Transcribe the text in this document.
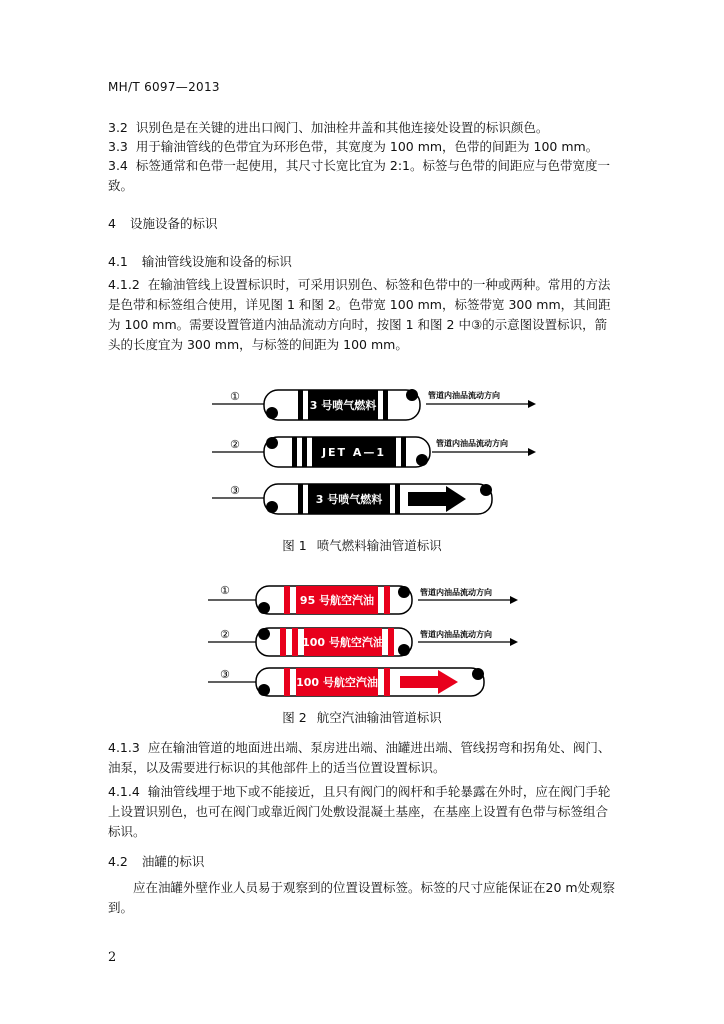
MH/T 6097—2013
3.2 识别色是在关键的进出口阀门、加油栓井盖和其他连接处设置的标识颜色。
3.3 用于输油管线的色带宜为环形色带，其宽度为 100 mm，色带的间距为 100 mm。
3.4 标签通常和色带一起使用，其尺寸长宽比宜为 2:1。标签与色带的间距应与色带宽度一致。
4 设施设备的标识
4.1 输油管线设施和设备的标识
4.1.2 在输油管线上设置标识时，可采用识别色、标签和色带中的一种或两种。常用的方法是色带和标签组合使用，详见图 1 和图 2。色带宽 100 mm，标签带宽 300 mm，其间距为 100 mm。需要设置管道内油品流动方向时，按图 1 和图 2 中③的示意图设置标识，箭头的长度宜为 300 mm，与标签的间距为 100 mm。
①
3 号喷气燃料
管道内油品流动方向
②
JET A—1
管道内油品流动方向
③
3 号喷气燃料
图 1 喷气燃料输油管道标识
①
95 号航空汽油
管道内油品流动方向
②
100 号航空汽油
管道内油品流动方向
③
100 号航空汽油
图 2 航空汽油输油管道标识
4.1.3 应在输油管道的地面进出端、泵房进出端、油罐进出端、管线拐弯和拐角处、阀门、油泵，以及需要进行标识的其他部件上的适当位置设置标识。
4.1.4 输油管线埋于地下或不能接近，且只有阀门的阀杆和手轮暴露在外时，应在阀门手轮上设置识别色，也可在阀门或靠近阀门处敷设混凝土基座，在基座上设置有色带与标签组合标识。
4.2 油罐的标识
应在油罐外壁作业人员易于观察到的位置设置标签。标签的尺寸应能保证在20 m处观察到。
2
